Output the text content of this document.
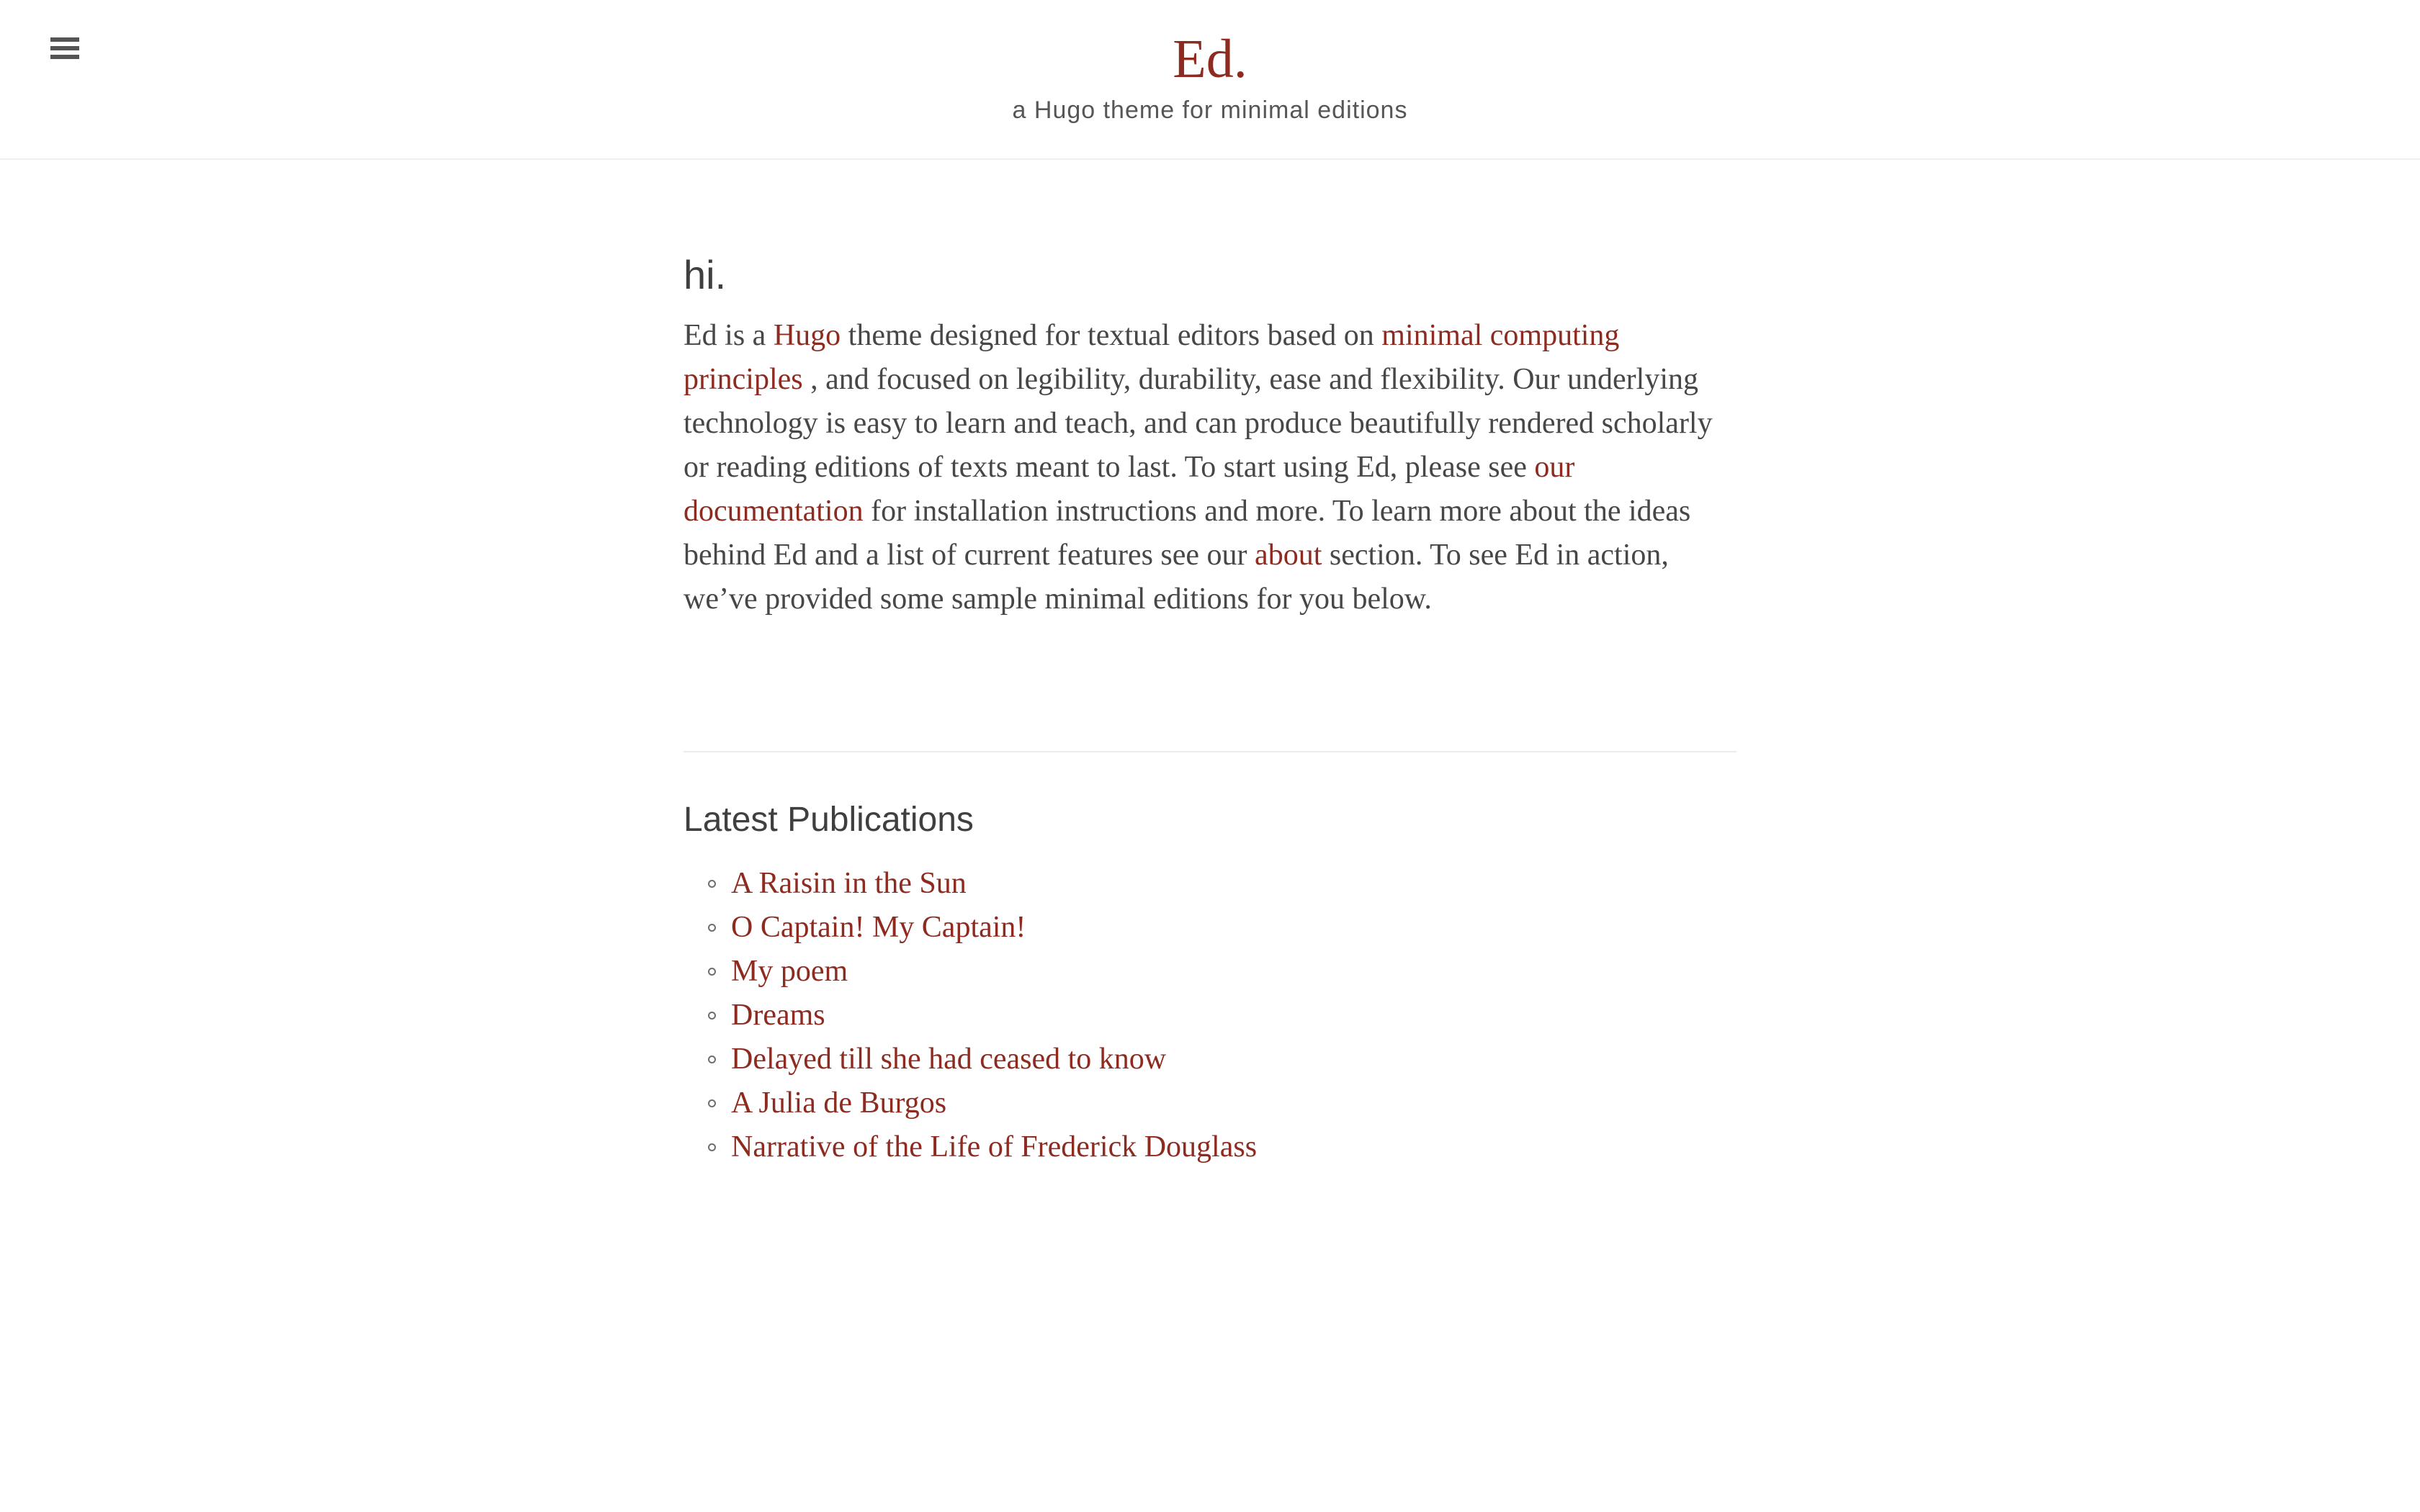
Ed.
a Hugo theme for minimal editions
hi.

Ed is a Hugo theme designed for textual editors based on minimal computing principles , and focused on legibility, durability, ease and flexibility. Our underlying technology is easy to learn and teach, and can produce beautifully rendered scholarly or reading editions of texts meant to last. To start using Ed, please see our documentation for installation instructions and more. To learn more about the ideas behind Ed and a list of current features see our about section. To see Ed in action, we’ve provided some sample minimal editions for you below.

Latest Publications
A Raisin in the Sun
O Captain! My Captain!
My poem
Dreams
Delayed till she had ceased to know
A Julia de Burgos
Narrative of the Life of Frederick Douglass
